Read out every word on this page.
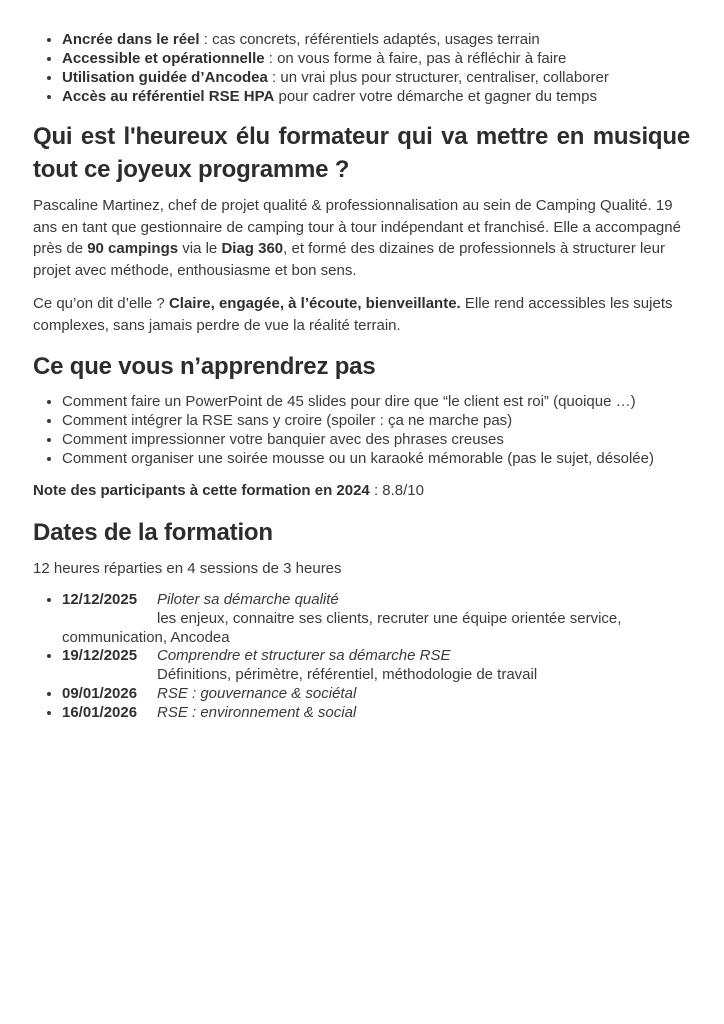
• Ancrée dans le réel : cas concrets, référentiels adaptés, usages terrain
• Accessible et opérationnelle : on vous forme à faire, pas à réfléchir à faire
• Utilisation guidée d’Ancodea : un vrai plus pour structurer, centraliser, collaborer
• Accès au référentiel RSE HPA pour cadrer votre démarche et gagner du temps
Qui est l'heureux élu formateur qui va mettre en musique tout ce joyeux programme ?

Pascaline Martinez, chef de projet qualité & professionnalisation au sein de Camping Qualité. 19 ans en tant que gestionnaire de camping tour à tour indépendant et franchisé. Elle a accompagné près de 90 campings via le Diag 360, et formé des dizaines de professionnels à structurer leur projet avec méthode, enthousiasme et bon sens.

Ce qu’on dit d’elle ? Claire, engagée, à l’écoute, bienveillante. Elle rend accessibles les sujets complexes, sans jamais perdre de vue la réalité terrain.

Ce que vous n’apprendrez pas
• Comment faire un PowerPoint de 45 slides pour dire que “le client est roi” (quoique …)
• Comment intégrer la RSE sans y croire (spoiler : ça ne marche pas)
• Comment impressionner votre banquier avec des phrases creuses
• Comment organiser une soirée mousse ou un karaoké mémorable (pas le sujet, désolée)

Note des participants à cette formation en 2024 : 8.8/10

Dates de la formation

12 heures réparties en 4 sessions de 3 heures

• 12/12/2025 Piloter sa démarche qualité
les enjeux, connaitre ses clients, recruter une équipe orientée service, communication, Ancodea
• 19/12/2025 Comprendre et structurer sa démarche RSE
Définitions, périmètre, référentiel, méthodologie de travail
• 09/01/2026 RSE : gouvernance & sociétal
• 16/01/2026 RSE : environnement & social
